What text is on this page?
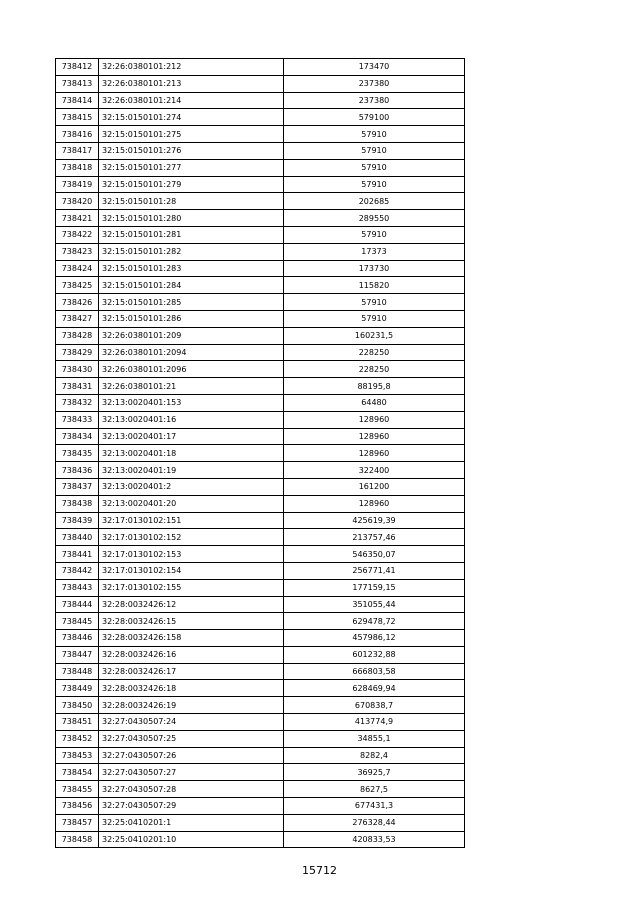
738412	32:26:0380101:212	173470
738413	32:26:0380101:213	237380
738414	32:26:0380101:214	237380
738415	32:15:0150101:274	579100
738416	32:15:0150101:275	57910
738417	32:15:0150101:276	57910
738418	32:15:0150101:277	57910
738419	32:15:0150101:279	57910
738420	32:15:0150101:28	202685
738421	32:15:0150101:280	289550
738422	32:15:0150101:281	57910
738423	32:15:0150101:282	17373
738424	32:15:0150101:283	173730
738425	32:15:0150101:284	115820
738426	32:15:0150101:285	57910
738427	32:15:0150101:286	57910
738428	32:26:0380101:209	160231,5
738429	32:26:0380101:2094	228250
738430	32:26:0380101:2096	228250
738431	32:26:0380101:21	88195,8
738432	32:13:0020401:153	64480
738433	32:13:0020401:16	128960
738434	32:13:0020401:17	128960
738435	32:13:0020401:18	128960
738436	32:13:0020401:19	322400
738437	32:13:0020401:2	161200
738438	32:13:0020401:20	128960
738439	32:17:0130102:151	425619,39
738440	32:17:0130102:152	213757,46
738441	32:17:0130102:153	546350,07
738442	32:17:0130102:154	256771,41
738443	32:17:0130102:155	177159,15
738444	32:28:0032426:12	351055,44
738445	32:28:0032426:15	629478,72
738446	32:28:0032426:158	457986,12
738447	32:28:0032426:16	601232,88
738448	32:28:0032426:17	666803,58
738449	32:28:0032426:18	628469,94
738450	32:28:0032426:19	670838,7
738451	32:27:0430507:24	413774,9
738452	32:27:0430507:25	34855,1
738453	32:27:0430507:26	8282,4
738454	32:27:0430507:27	36925,7
738455	32:27:0430507:28	8627,5
738456	32:27:0430507:29	677431,3
738457	32:25:0410201:1	276328,44
738458	32:25:0410201:10	420833,53
15712
